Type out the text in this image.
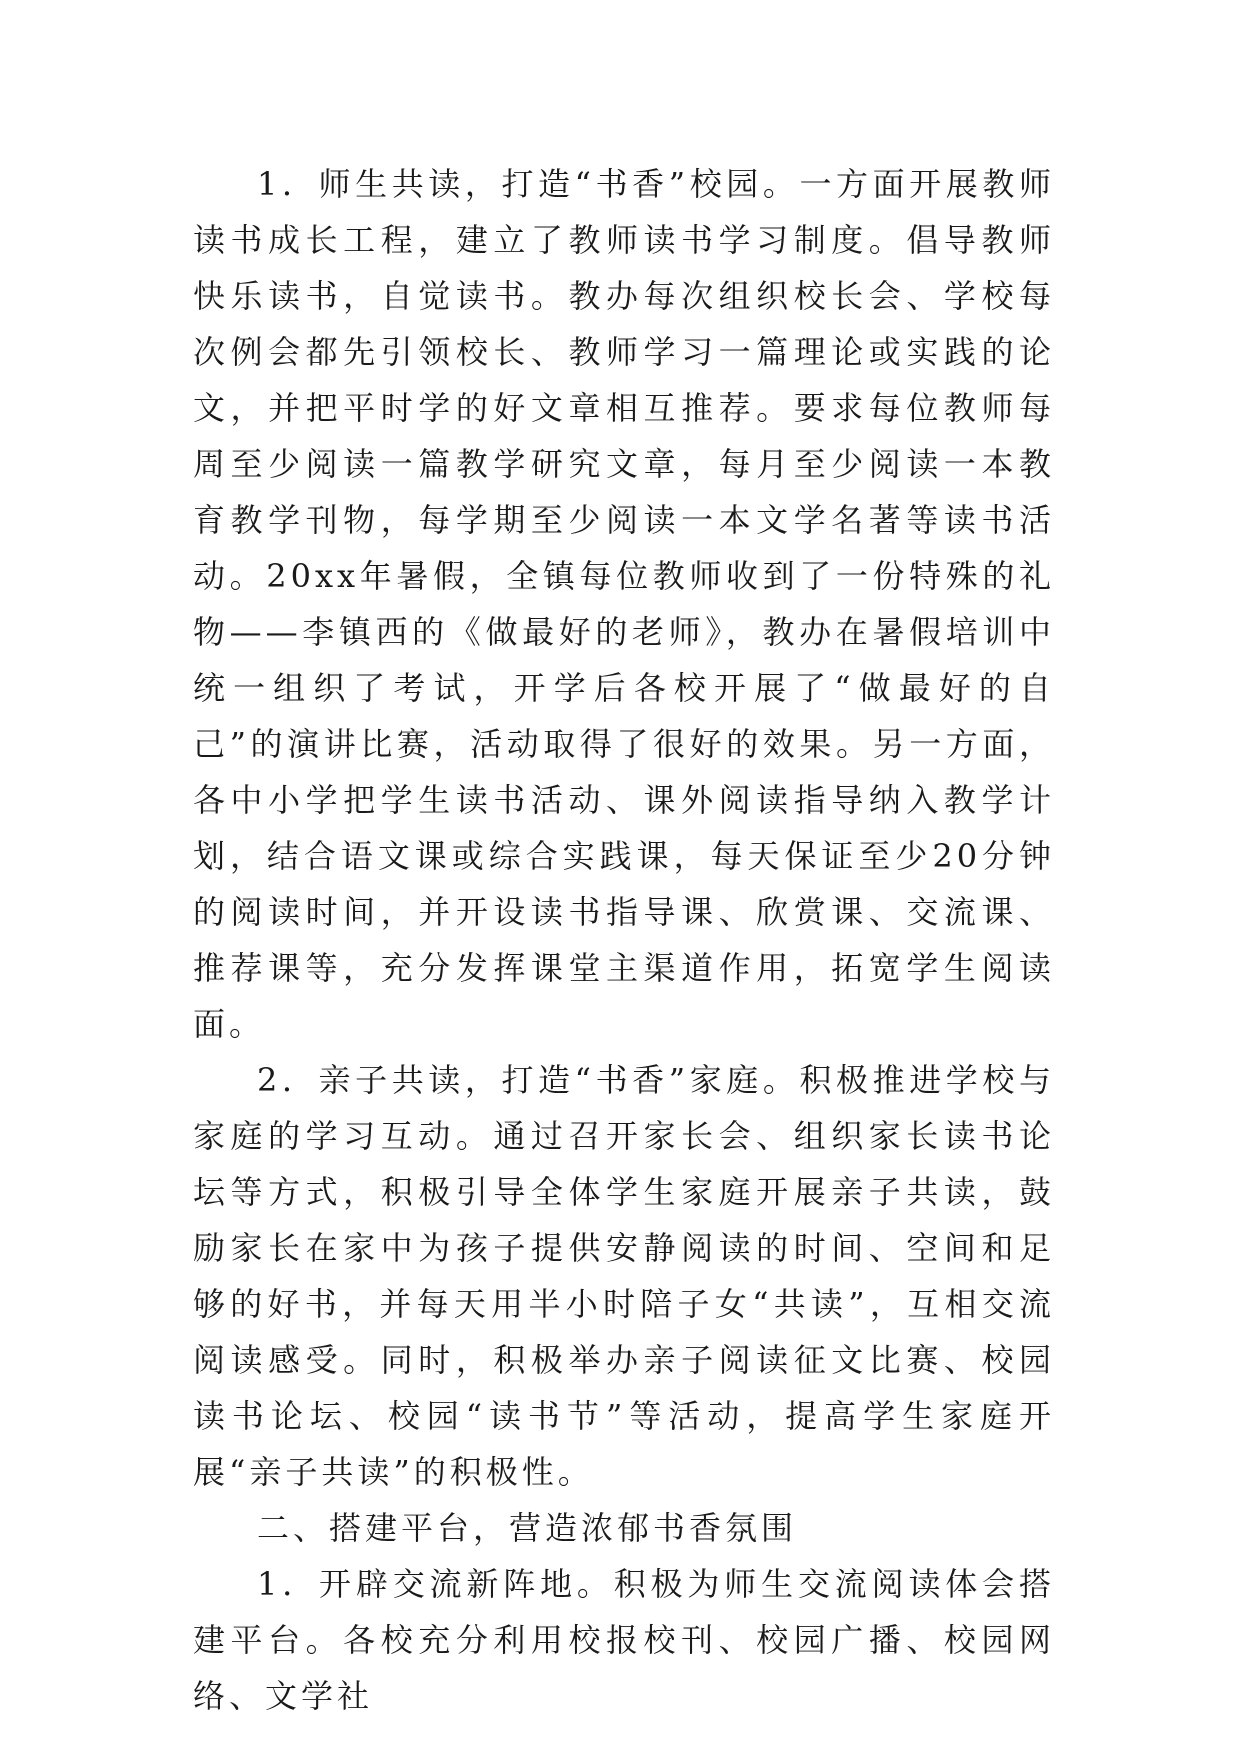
1．师生共读，打造“书香”校园。一方面开展教师读书成长工程，建立了教师读书学习制度。倡导教师快乐读书，自觉读书。教办每次组织校长会、学校每次例会都先引领校长、教师学习一篇理论或实践的论文，并把平时学的好文章相互推荐。要求每位教师每周至少阅读一篇教学研究文章，每月至少阅读一本教育教学刊物，每学期至少阅读一本文学名著等读书活动。20xx年暑假，全镇每位教师收到了一份特殊的礼物——李镇西的《做最好的老师》，教办在暑假培训中统一组织了考试，开学后各校开展了“做最好的自己”的演讲比赛，活动取得了很好的效果。另一方面，各中小学把学生读书活动、课外阅读指导纳入教学计划，结合语文课或综合实践课，每天保证至少20分钟的阅读时间，并开设读书指导课、欣赏课、交流课、推荐课等，充分发挥课堂主渠道作用，拓宽学生阅读面。

2．亲子共读，打造“书香”家庭。积极推进学校与家庭的学习互动。通过召开家长会、组织家长读书论坛等方式，积极引导全体学生家庭开展亲子共读，鼓励家长在家中为孩子提供安静阅读的时间、空间和足够的好书，并每天用半小时陪子女“共读”，互相交流阅读感受。同时，积极举办亲子阅读征文比赛、校园读书论坛、校园“读书节”等活动，提高学生家庭开展“亲子共读”的积极性。

二、搭建平台，营造浓郁书香氛围

1．开辟交流新阵地。积极为师生交流阅读体会搭建平台。各校充分利用校报校刊、校园广播、校园网络、文学社
